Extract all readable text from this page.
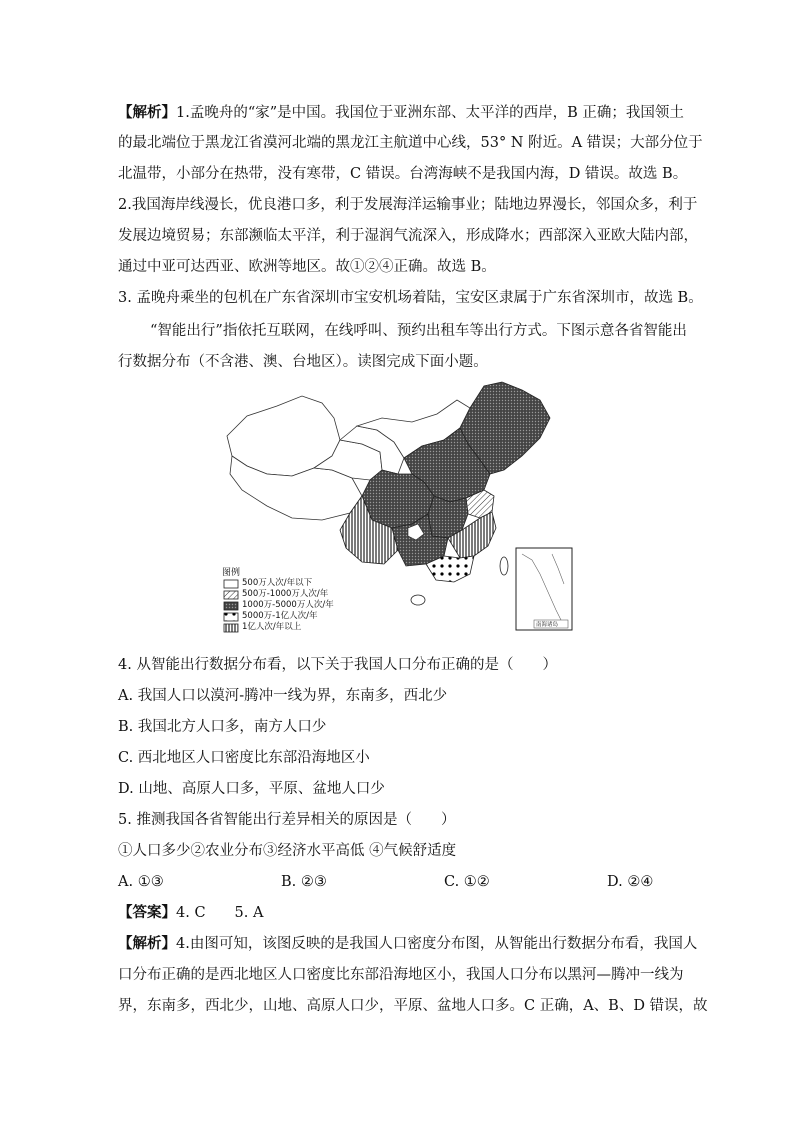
【解析】1.孟晚舟的“家”是中国。我国位于亚洲东部、太平洋的西岸，B 正确；我国领土
的最北端位于黑龙江省漠河北端的黑龙江主航道中心线，53° N 附近。A 错误；大部分位于
北温带，小部分在热带，没有寒带，C 错误。台湾海峡不是我国内海，D 错误。故选 B。
2.我国海岸线漫长，优良港口多，利于发展海洋运输事业；陆地边界漫长，邻国众多，利于
发展边境贸易；东部濒临太平洋，利于湿润气流深入，形成降水；西部深入亚欧大陆内部，
通过中亚可达西亚、欧洲等地区。故①②④正确。故选 B。
3. 孟晚舟乘坐的包机在广东省深圳市宝安机场着陆，宝安区隶属于广东省深圳市，故选 B。
“智能出行”指依托互联网，在线呼叫、预约出租车等出行方式。下图示意各省智能出
行数据分布（不含港、澳、台地区）。读图完成下面小题。
图例
500万人次/年以下
500万-1000万人次/年
1000万-5000万人次/年
5000万-1亿人次/年
1亿人次/年以上	南海诸岛
4. 从智能出行数据分布看，以下关于我国人口分布正确的是（　　）
A. 我国人口以漠河-腾冲一线为界，东南多，西北少
B. 我国北方人口多，南方人口少
C. 西北地区人口密度比东部沿海地区小
D. 山地、高原人口多，平原、盆地人口少
5. 推测我国各省智能出行差异相关的原因是（　　）
①人口多少②农业分布③经济水平高低 ④气候舒适度
A. ①③	B. ②③	C. ①②	D. ②④
【答案】4. C　　5. A
【解析】4.由图可知，该图反映的是我国人口密度分布图，从智能出行数据分布看，我国人
口分布正确的是西北地区人口密度比东部沿海地区小，我国人口分布以黑河—腾冲一线为
界，东南多，西北少，山地、高原人口少，平原、盆地人口多。C 正确，A、B、D 错误，故
